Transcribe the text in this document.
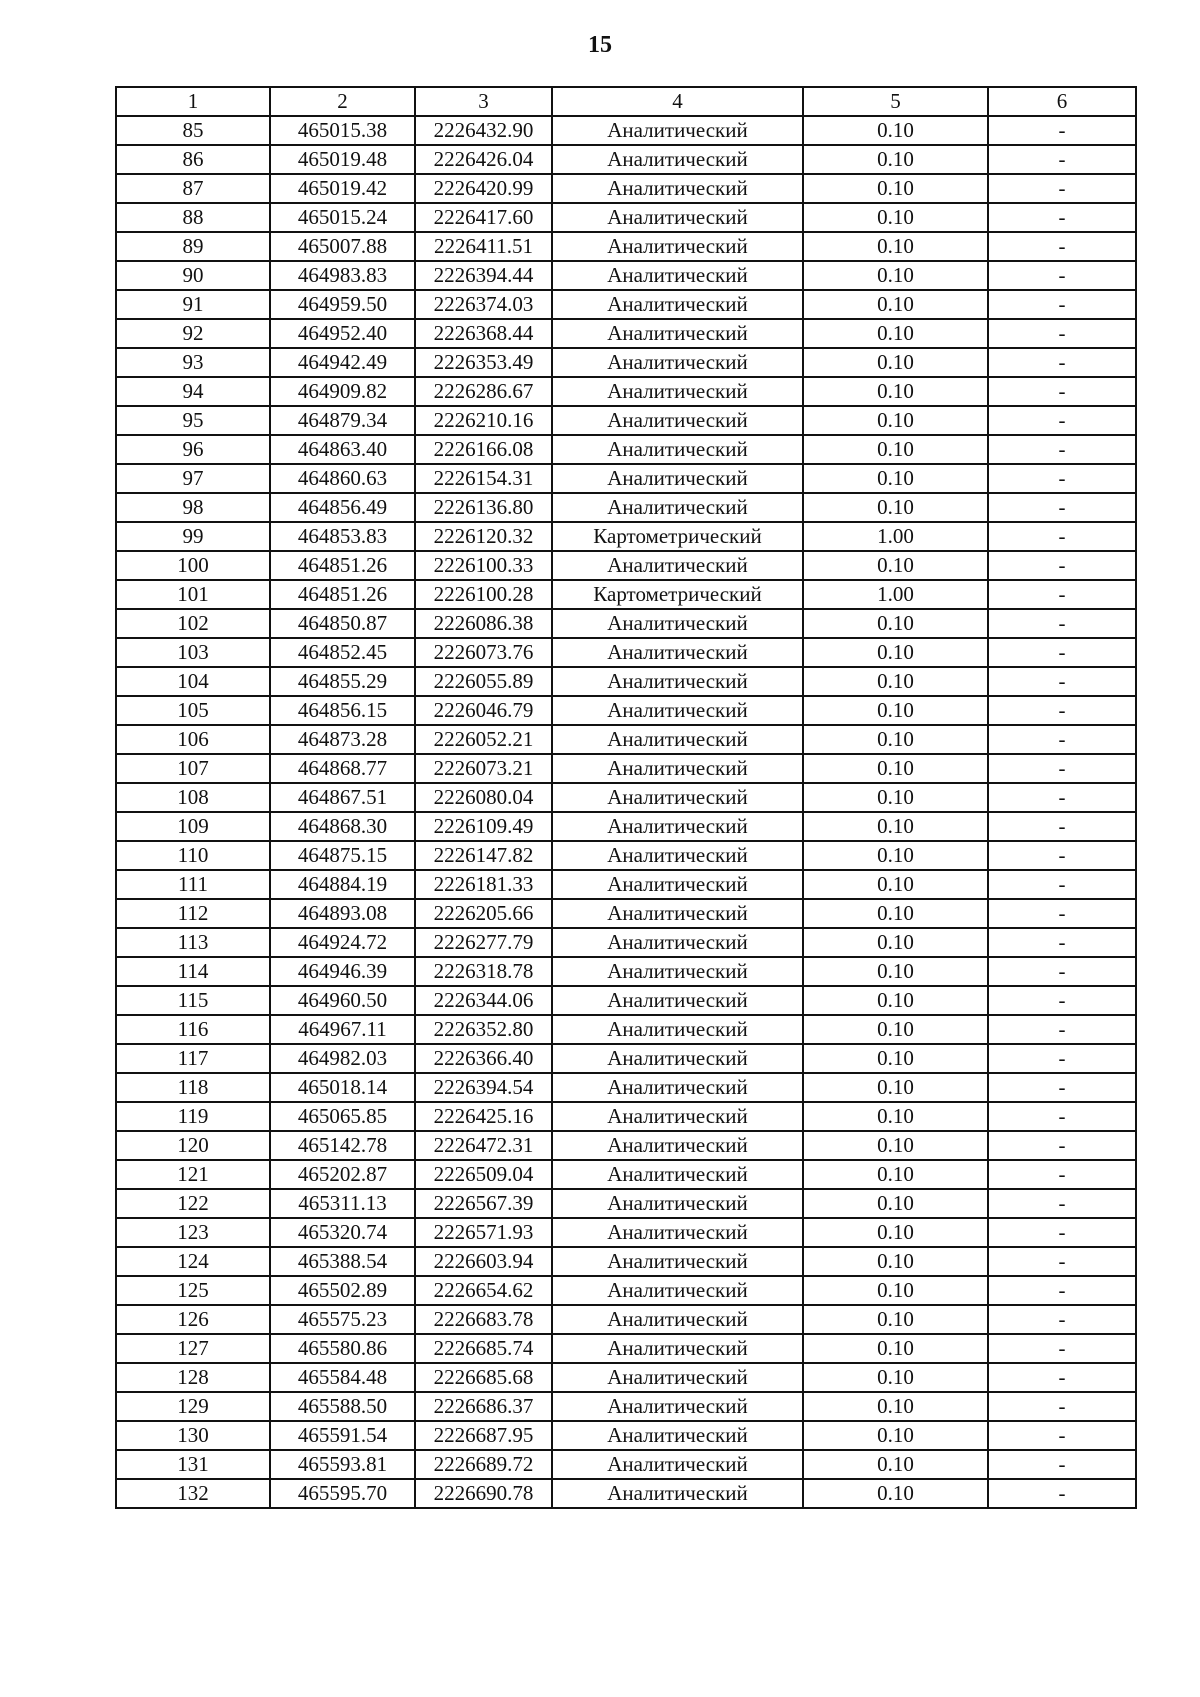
15
1	2	3	4	5	6
85	465015.38	2226432.90	Аналитический	0.10	-
86	465019.48	2226426.04	Аналитический	0.10	-
87	465019.42	2226420.99	Аналитический	0.10	-
88	465015.24	2226417.60	Аналитический	0.10	-
89	465007.88	2226411.51	Аналитический	0.10	-
90	464983.83	2226394.44	Аналитический	0.10	-
91	464959.50	2226374.03	Аналитический	0.10	-
92	464952.40	2226368.44	Аналитический	0.10	-
93	464942.49	2226353.49	Аналитический	0.10	-
94	464909.82	2226286.67	Аналитический	0.10	-
95	464879.34	2226210.16	Аналитический	0.10	-
96	464863.40	2226166.08	Аналитический	0.10	-
97	464860.63	2226154.31	Аналитический	0.10	-
98	464856.49	2226136.80	Аналитический	0.10	-
99	464853.83	2226120.32	Картометрический	1.00	-
100	464851.26	2226100.33	Аналитический	0.10	-
101	464851.26	2226100.28	Картометрический	1.00	-
102	464850.87	2226086.38	Аналитический	0.10	-
103	464852.45	2226073.76	Аналитический	0.10	-
104	464855.29	2226055.89	Аналитический	0.10	-
105	464856.15	2226046.79	Аналитический	0.10	-
106	464873.28	2226052.21	Аналитический	0.10	-
107	464868.77	2226073.21	Аналитический	0.10	-
108	464867.51	2226080.04	Аналитический	0.10	-
109	464868.30	2226109.49	Аналитический	0.10	-
110	464875.15	2226147.82	Аналитический	0.10	-
111	464884.19	2226181.33	Аналитический	0.10	-
112	464893.08	2226205.66	Аналитический	0.10	-
113	464924.72	2226277.79	Аналитический	0.10	-
114	464946.39	2226318.78	Аналитический	0.10	-
115	464960.50	2226344.06	Аналитический	0.10	-
116	464967.11	2226352.80	Аналитический	0.10	-
117	464982.03	2226366.40	Аналитический	0.10	-
118	465018.14	2226394.54	Аналитический	0.10	-
119	465065.85	2226425.16	Аналитический	0.10	-
120	465142.78	2226472.31	Аналитический	0.10	-
121	465202.87	2226509.04	Аналитический	0.10	-
122	465311.13	2226567.39	Аналитический	0.10	-
123	465320.74	2226571.93	Аналитический	0.10	-
124	465388.54	2226603.94	Аналитический	0.10	-
125	465502.89	2226654.62	Аналитический	0.10	-
126	465575.23	2226683.78	Аналитический	0.10	-
127	465580.86	2226685.74	Аналитический	0.10	-
128	465584.48	2226685.68	Аналитический	0.10	-
129	465588.50	2226686.37	Аналитический	0.10	-
130	465591.54	2226687.95	Аналитический	0.10	-
131	465593.81	2226689.72	Аналитический	0.10	-
132	465595.70	2226690.78	Аналитический	0.10	-
